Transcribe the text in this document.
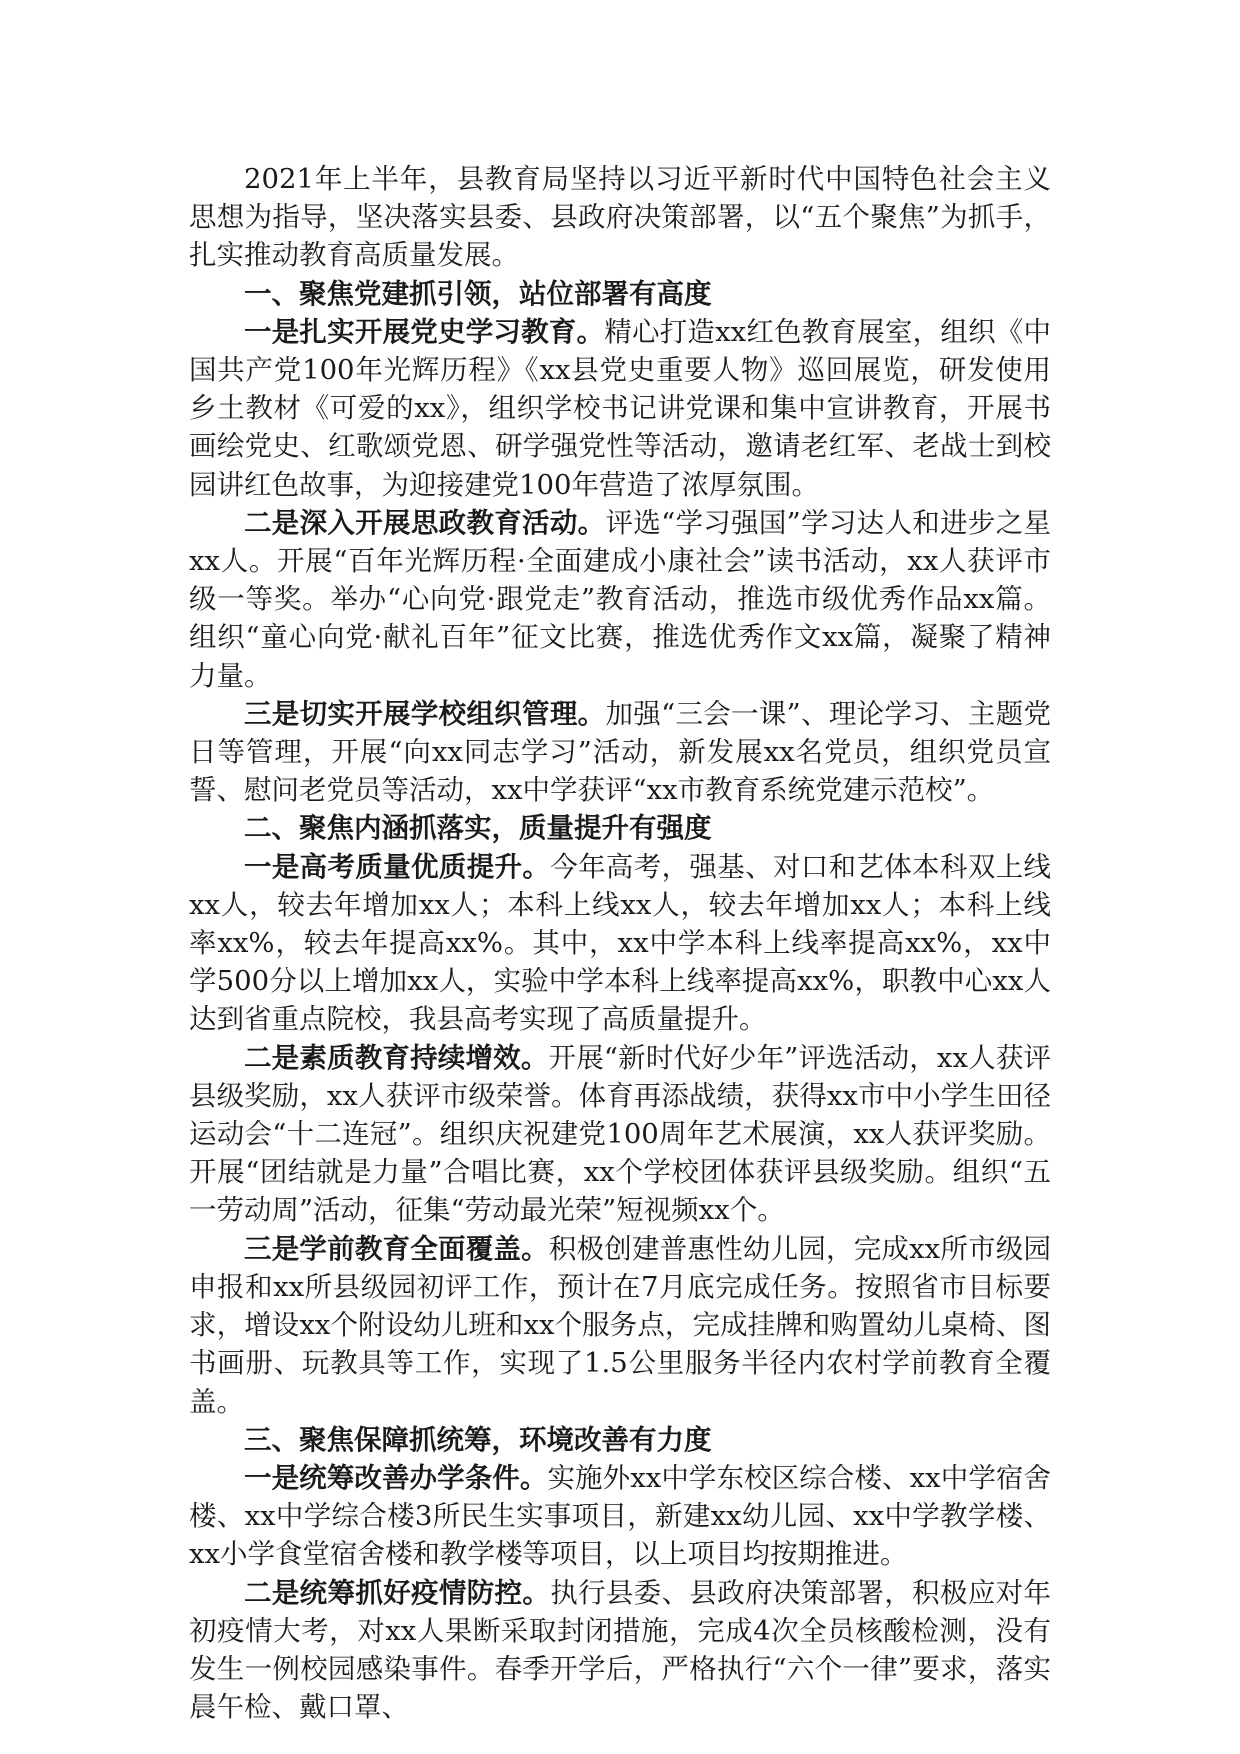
2021年上半年，县教育局坚持以习近平新时代中国特色社会主义思想为指导，坚决落实县委、县政府决策部署，以“五个聚焦”为抓手，扎实推动教育高质量发展。

一、聚焦党建抓引领，站位部署有高度

一是扎实开展党史学习教育。精心打造xx红色教育展室，组织《中国共产党100年光辉历程》《xx县党史重要人物》巡回展览，研发使用乡土教材《可爱的xx》，组织学校书记讲党课和集中宣讲教育，开展书画绘党史、红歌颂党恩、研学强党性等活动，邀请老红军、老战士到校园讲红色故事，为迎接建党100年营造了浓厚氛围。

二是深入开展思政教育活动。评选“学习强国”学习达人和进步之星xx人。开展“百年光辉历程·全面建成小康社会”读书活动，xx人获评市级一等奖。举办“心向党·跟党走”教育活动，推选市级优秀作品xx篇。组织“童心向党·献礼百年”征文比赛，推选优秀作文xx篇，凝聚了精神力量。

三是切实开展学校组织管理。加强“三会一课”、理论学习、主题党日等管理，开展“向xx同志学习”活动，新发展xx名党员，组织党员宣誓、慰问老党员等活动，xx中学获评“xx市教育系统党建示范校”。

二、聚焦内涵抓落实，质量提升有强度

一是高考质量优质提升。今年高考，强基、对口和艺体本科双上线xx人，较去年增加xx人；本科上线xx人，较去年增加xx人；本科上线率xx%，较去年提高xx%。其中，xx中学本科上线率提高xx%，xx中学500分以上增加xx人，实验中学本科上线率提高xx%，职教中心xx人达到省重点院校，我县高考实现了高质量提升。

二是素质教育持续增效。开展“新时代好少年”评选活动，xx人获评县级奖励，xx人获评市级荣誉。体育再添战绩，获得xx市中小学生田径运动会“十二连冠”。组织庆祝建党100周年艺术展演，xx人获评奖励。开展“团结就是力量”合唱比赛，xx个学校团体获评县级奖励。组织“五一劳动周”活动，征集“劳动最光荣”短视频xx个。

三是学前教育全面覆盖。积极创建普惠性幼儿园，完成xx所市级园申报和xx所县级园初评工作，预计在7月底完成任务。按照省市目标要求，增设xx个附设幼儿班和xx个服务点，完成挂牌和购置幼儿桌椅、图书画册、玩教具等工作，实现了1.5公里服务半径内农村学前教育全覆盖。

三、聚焦保障抓统筹，环境改善有力度

一是统筹改善办学条件。实施外xx中学东校区综合楼、xx中学宿舍楼、xx中学综合楼3所民生实事项目，新建xx幼儿园、xx中学教学楼、xx小学食堂宿舍楼和教学楼等项目，以上项目均按期推进。

二是统筹抓好疫情防控。执行县委、县政府决策部署，积极应对年初疫情大考，对xx人果断采取封闭措施，完成4次全员核酸检测，没有发生一例校园感染事件。春季开学后，严格执行“六个一律”要求，落实晨午检、戴口罩、
